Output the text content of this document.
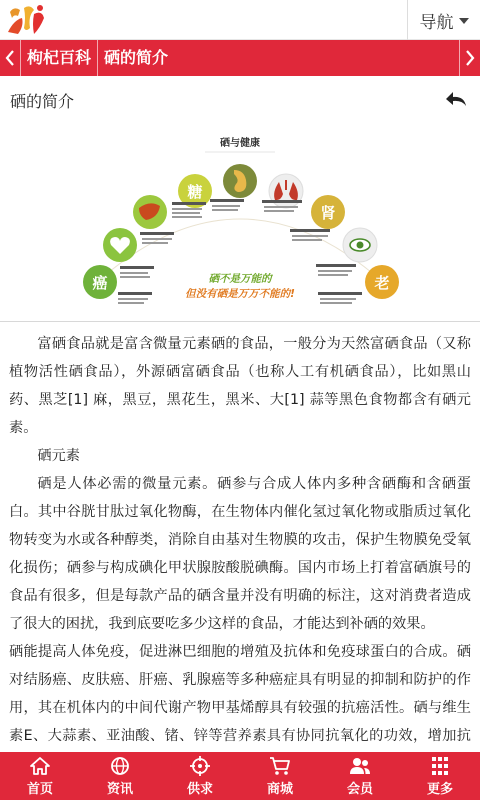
导航
枸杞百科 硒的简介
硒的简介
硒与健康
癌
糖
肾
老
硒不是万能的
但没有硒是万万不能的!

富硒食品就是富含微量元素硒的食品，一般分为天然富硒食品（又称植物活性硒食品），外源硒富硒食品（也称人工有机硒食品），比如黑山药、黑芝[1] 麻，黑豆，黑花生，黑米、大[1] 蒜等黑色食物都含有硒元素。

硒元素

硒是人体必需的微量元素。硒参与合成人体内多种含硒酶和含硒蛋白。其中谷胱甘肽过氧化物酶，在生物体内催化氢过氧化物或脂质过氧化物转变为水或各种醇类，消除自由基对生物膜的攻击，保护生物膜免受氧化损伤；硒参与构成碘化甲状腺胺酸脱碘酶。国内市场上打着富硒旗号的食品有很多，但是每款产品的硒含量并没有明确的标注，这对消费者造成了很大的困扰，我到底要吃多少这样的食品，才能达到补硒的效果。

硒能提高人体免疫，促进淋巴细胞的增殖及抗体和免疫球蛋白的合成。硒对结肠癌、皮肤癌、肝癌、乳腺癌等多种癌症具有明显的抑制和防护的作用，其在机体内的中间代谢产物甲基烯醇具有较强的抗癌活性。硒与维生素E、大蒜素、亚油酸、锗、锌等营养素具有协同抗氧化的功效，增加抗

首页	资讯	供求	商城	会员	更多
